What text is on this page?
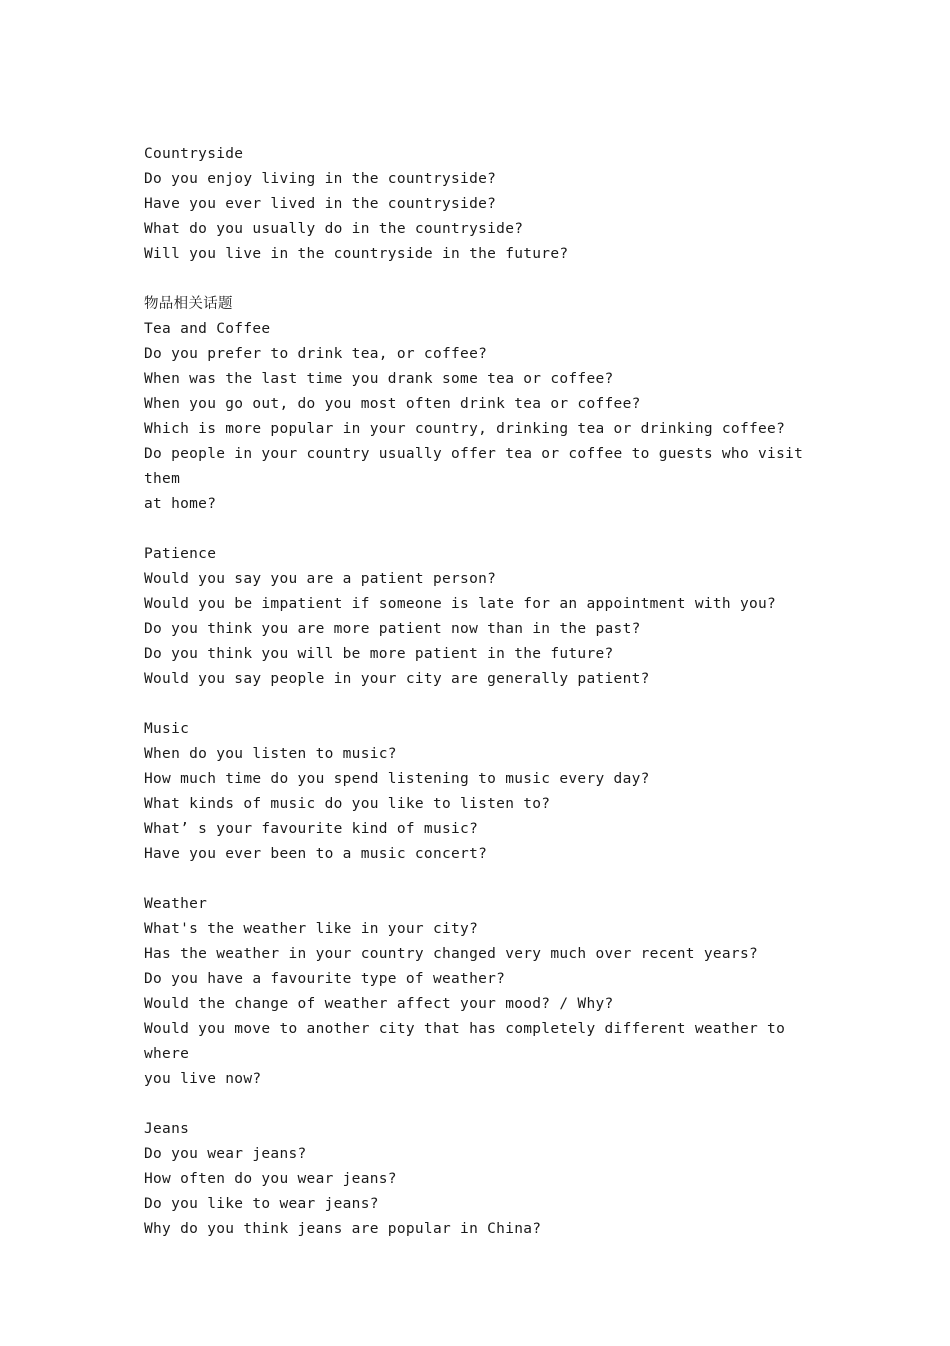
Countryside
Do you enjoy living in the countryside?
Have you ever lived in the countryside?
What do you usually do in the countryside?
Will you live in the countryside in the future?
物品相关话题
Tea and Coffee
Do you prefer to drink tea, or coffee?
When was the last time you drank some tea or coffee?
When you go out, do you most often drink tea or coffee?
Which is more popular in your country, drinking tea or drinking coffee?
Do people in your country usually offer tea or coffee to guests who visit them
at home?
Patience
Would you say you are a patient person?
Would you be impatient if someone is late for an appointment with you?
Do you think you are more patient now than in the past?
Do you think you will be more patient in the future?
Would you say people in your city are generally patient?
Music
When do you listen to music?
How much time do you spend listening to music every day?
What kinds of music do you like to listen to?
What’ s your favourite kind of music?
Have you ever been to a music concert?
Weather
What's the weather like in your city?
Has the weather in your country changed very much over recent years?
Do you have a favourite type of weather?
Would the change of weather affect your mood? / Why?
Would you move to another city that has completely different weather to where
you live now?
Jeans
Do you wear jeans?
How often do you wear jeans?
Do you like to wear jeans?
Why do you think jeans are popular in China?
